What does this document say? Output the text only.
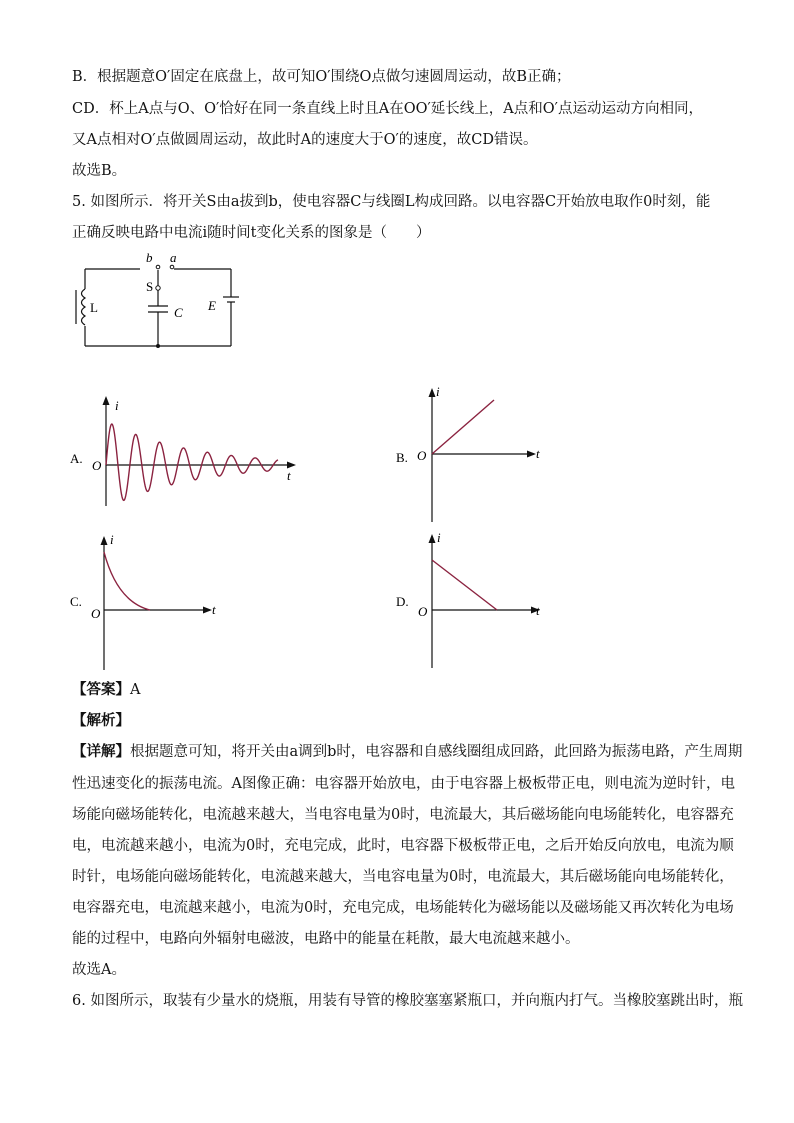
B．根据题意O′固定在底盘上，故可知O′围绕O点做匀速圆周运动，故B正确；
CD．杯上A点与O、O′恰好在同一条直线上时且A在OO′延长线上，A点和O′点运动运动方向相同，
又A点相对O′点做圆周运动，故此时A的速度大于O′的速度，故CD错误。
故选B。
5. 如图所示．将开关S由a拔到b，使电容器C与线圈L构成回路。以电容器C开始放电取作0时刻，能
正确反映电路中电流i随时间t变化关系的图象是（　　）
b a
S
L	C E
A. O
i
t
B. O
i
t
C.
O
i
t
D.
O
i
t
【答案】A
【解析】
【详解】根据题意可知，将开关由a调到b时，电容器和自感线圈组成回路，此回路为振荡电路，产生周期
性迅速变化的振荡电流。A图像正确：电容器开始放电，由于电容器上极板带正电，则电流为逆时针，电
场能向磁场能转化，电流越来越大，当电容电量为0时，电流最大，其后磁场能向电场能转化，电容器充
电，电流越来越小，电流为0时，充电完成，此时，电容器下极板带正电，之后开始反向放电，电流为顺
时针，电场能向磁场能转化，电流越来越大，当电容电量为0时，电流最大，其后磁场能向电场能转化，
电容器充电，电流越来越小，电流为0时，充电完成，电场能转化为磁场能以及磁场能又再次转化为电场
能的过程中，电路向外辐射电磁波，电路中的能量在耗散，最大电流越来越小。
故选A。
6. 如图所示，取装有少量水的烧瓶，用装有导管的橡胶塞塞紧瓶口，并向瓶内打气。当橡胶塞跳出时，瓶
